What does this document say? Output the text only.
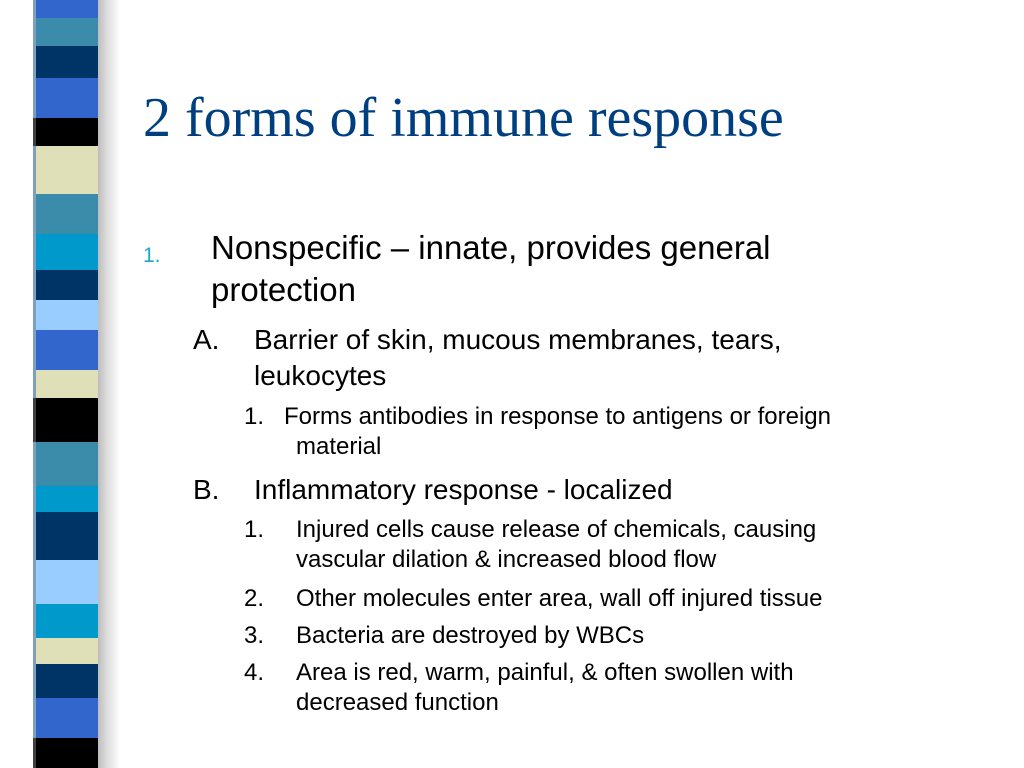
2 forms of immune response
1. Nonspecific – innate, provides general
protection
A. Barrier of skin, mucous membranes, tears,
leukocytes
1. Forms antibodies in response to antigens or foreign
material
B. Inflammatory response - localized
1. Injured cells cause release of chemicals, causing
vascular dilation & increased blood flow
2. Other molecules enter area, wall off injured tissue
3. Bacteria are destroyed by WBCs
4. Area is red, warm, painful, & often swollen with
decreased function
